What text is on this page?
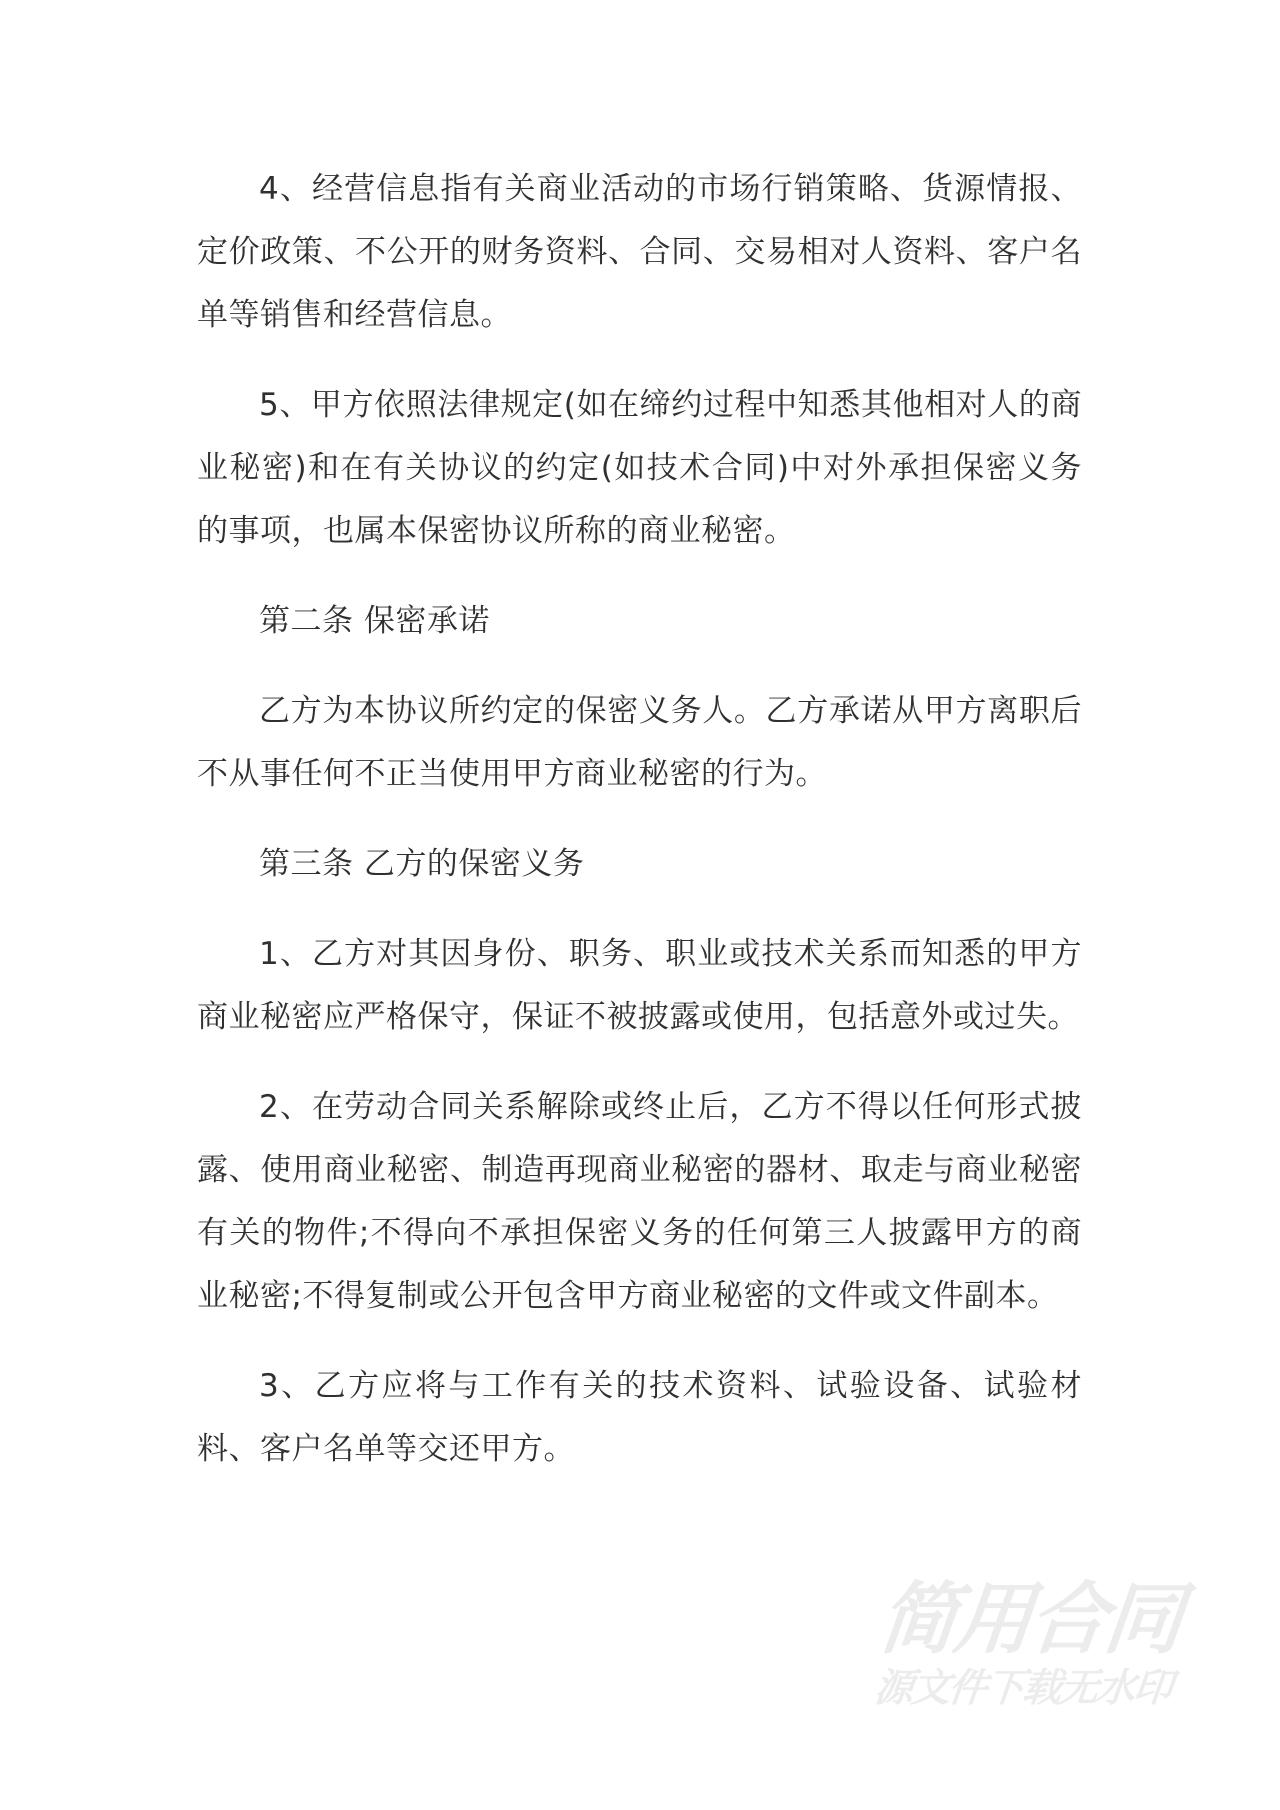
4、经营信息指有关商业活动的市场行销策略、货源情报、定价政策、不公开的财务资料、合同、交易相对人资料、客户名单等销售和经营信息。

5、甲方依照法律规定(如在缔约过程中知悉其他相对人的商业秘密)和在有关协议的约定(如技术合同)中对外承担保密义务的事项，也属本保密协议所称的商业秘密。

第二条 保密承诺

乙方为本协议所约定的保密义务人。乙方承诺从甲方离职后不从事任何不正当使用甲方商业秘密的行为。

第三条 乙方的保密义务

1、乙方对其因身份、职务、职业或技术关系而知悉的甲方商业秘密应严格保守，保证不被披露或使用，包括意外或过失。

2、在劳动合同关系解除或终止后，乙方不得以任何形式披露、使用商业秘密、制造再现商业秘密的器材、取走与商业秘密有关的物件;不得向不承担保密义务的任何第三人披露甲方的商业秘密;不得复制或公开包含甲方商业秘密的文件或文件副本。

3、乙方应将与工作有关的技术资料、试验设备、试验材料、客户名单等交还甲方。

简用合同
源文件下载无水印
